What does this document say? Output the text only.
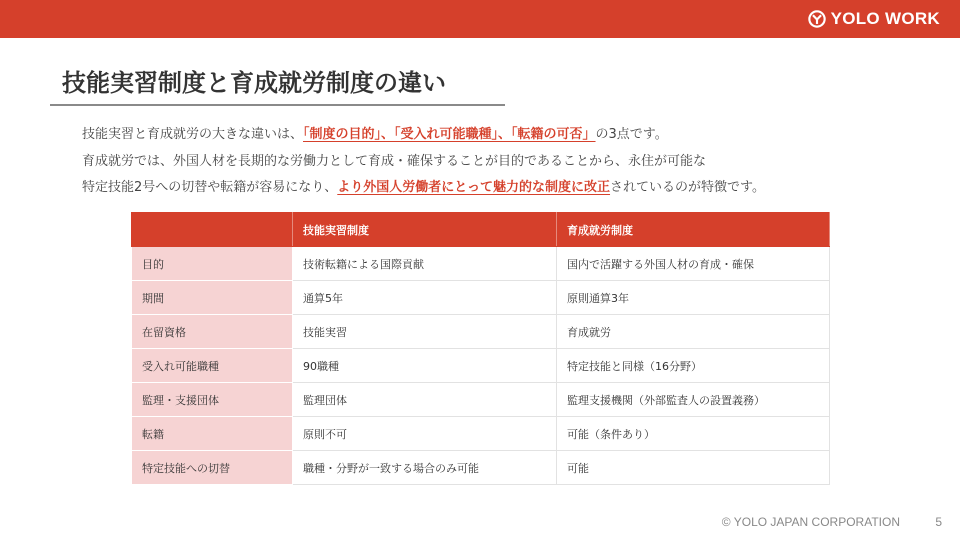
YOLO WORK
技能実習制度と育成就労制度の違い

技能実習と育成就労の大きな違いは、「制度の目的」、「受入れ可能職種」、「転籍の可否」の3点です。

育成就労では、外国人材を長期的な労働力として育成・確保することが目的であることから、永住が可能な

特定技能2号への切替や転籍が容易になり、より外国人労働者にとって魅力的な制度に改正されているのが特徴です。

	技能実習制度	育成就労制度
目的	技術転籍による国際貢献	国内で活躍する外国人材の育成・確保
期間	通算5年	原則通算3年
在留資格	技能実習	育成就労
受入れ可能職種	90職種	特定技能と同様（16分野）
監理・支援団体	監理団体	監理支援機関（外部監査人の設置義務）
転籍	原則不可	可能（条件あり）
特定技能への切替	職種・分野が一致する場合のみ可能	可能
© YOLO JAPAN CORPORATION	5
